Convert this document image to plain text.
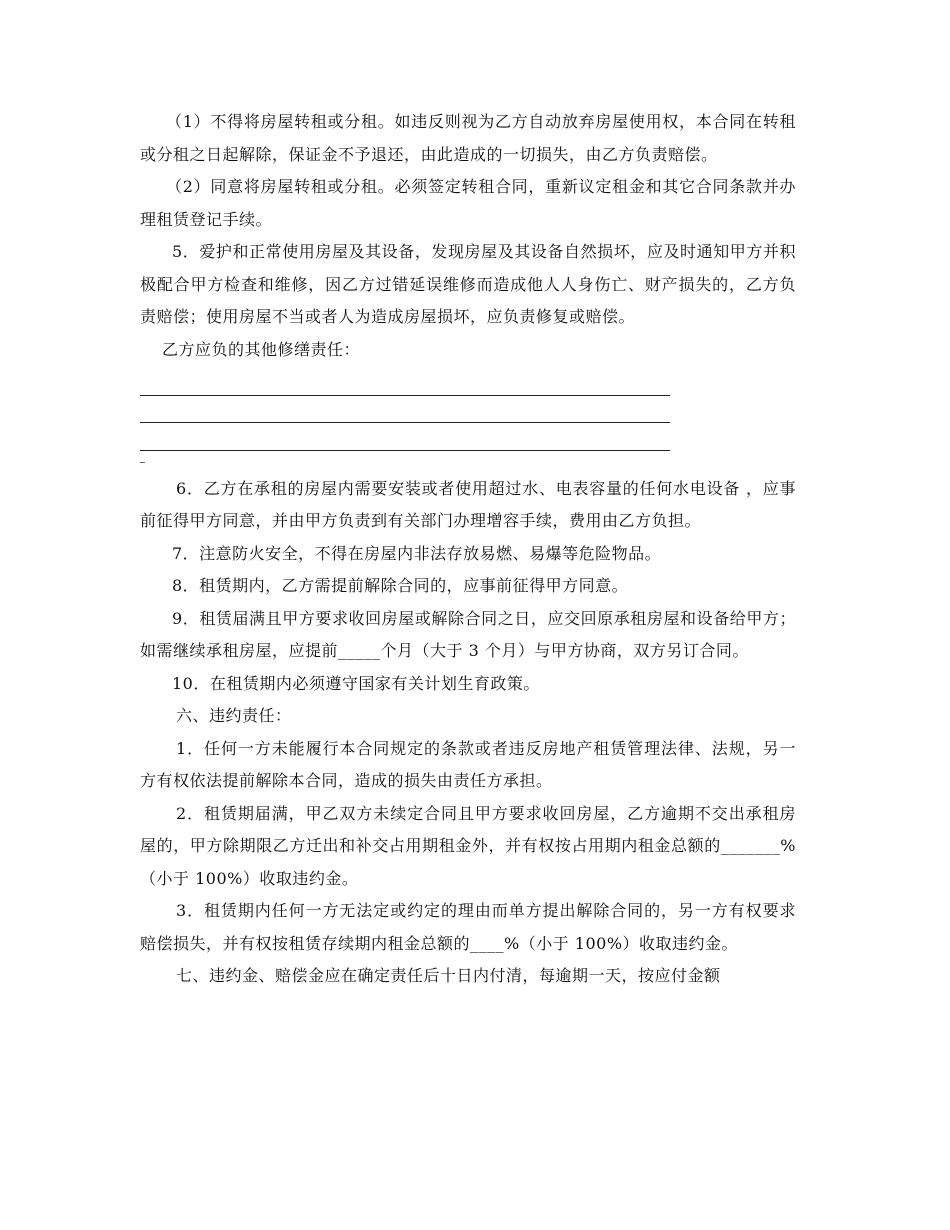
（1）不得将房屋转租或分租。如违反则视为乙方自动放弃房屋使用权，本合同在转租或分租之日起解除，保证金不予退还，由此造成的一切损失，由乙方负责赔偿。

（2）同意将房屋转租或分租。必须签定转租合同，重新议定租金和其它合同条款并办理租赁登记手续。

5．爱护和正常使用房屋及其设备，发现房屋及其设备自然损坏，应及时通知甲方并积极配合甲方检查和维修，因乙方过错延误维修而造成他人人身伤亡、财产损失的，乙方负责赔偿；使用房屋不当或者人为造成房屋损坏，应负责修复或赔偿。

乙方应负的其他修缮责任：

6．乙方在承租的房屋内需要安装或者使用超过水、电表容量的任何水电设备 ，应事前征得甲方同意，并由甲方负责到有关部门办理增容手续，费用由乙方负担。

7．注意防火安全，不得在房屋内非法存放易燃、易爆等危险物品。

8．租赁期内，乙方需提前解除合同的，应事前征得甲方同意。

9．租赁届满且甲方要求收回房屋或解除合同之日，应交回原承租房屋和设备给甲方；如需继续承租房屋，应提前_____个月（大于 3 个月）与甲方协商，双方另订合同。

10．在租赁期内必须遵守国家有关计划生育政策。

六、违约责任：

1．任何一方未能履行本合同规定的条款或者违反房地产租赁管理法律、法规，另一方有权依法提前解除本合同，造成的损失由责任方承担。

2．租赁期届满，甲乙双方未续定合同且甲方要求收回房屋，乙方逾期不交出承租房屋的，甲方除期限乙方迁出和补交占用期租金外，并有权按占用期内租金总额的_______%（小于 100%）收取违约金。

3．租赁期内任何一方无法定或约定的理由而单方提出解除合同的，另一方有权要求赔偿损失，并有权按租赁存续期内租金总额的____%（小于 100%）收取违约金。

七、违约金、赔偿金应在确定责任后十日内付清，每逾期一天，按应付金额
